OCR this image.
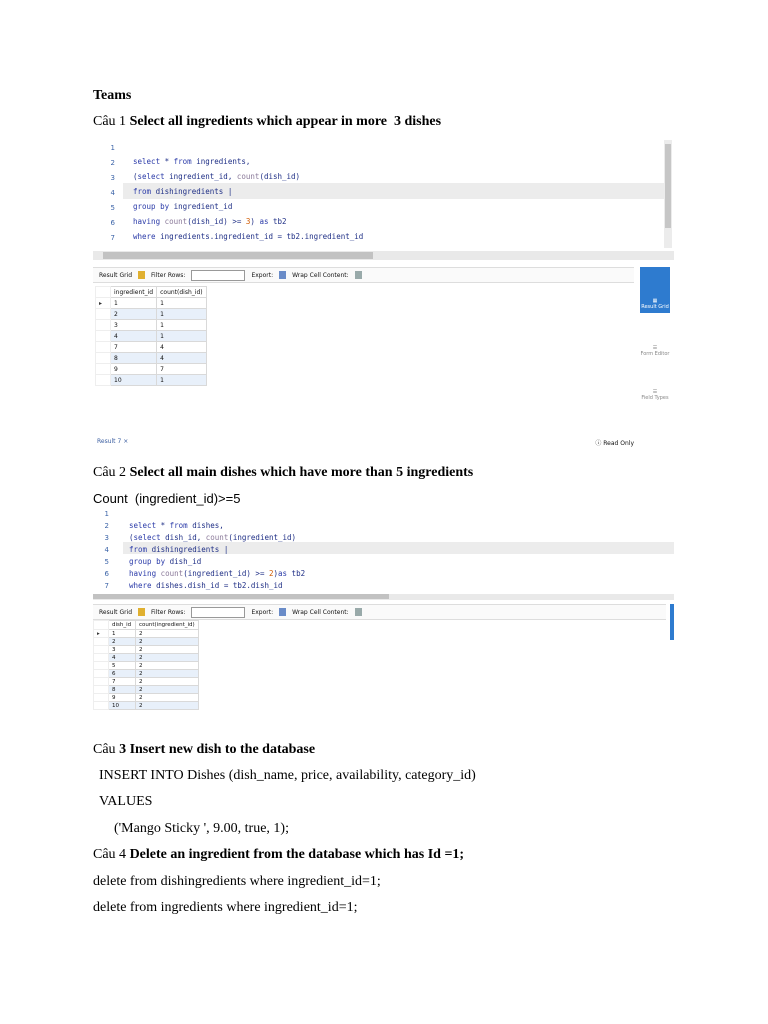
Teams
Câu 1 Select all ingredients which appear in more  3 dishes
1
2
3
4
5
6
7
select * from ingredients,
(select ingredient_id, count(dish_id)
from dishingredients |
group by ingredient_id
having count(dish_id) >= 3) as tb2
where ingredients.ingredient_id = tb2.ingredient_id
Result Grid	Filter Rows:	Export:	Wrap Cell Content:
	ingredient_id	count(dish_id)
▸	1	1
	2	1
	3	1
	4	1
	7	4
	8	4
	9	7
	10	1
▦
Result Grid
☰
Form Editor
☰
Field Types
Result 7 ×	ⓘ Read Only
Câu 2 Select all main dishes which have more than 5 ingredients
Count  (ingredient_id)>=5
1
2
3
4
5
6
7
select * from dishes,
(select dish_id, count(ingredient_id)
from dishingredients |
group by dish_id
having count(ingredient_id) >= 2)as tb2
where dishes.dish_id = tb2.dish_id
Result Grid	Filter Rows:	Export:	Wrap Cell Content:
	dish_id	count(ingredient_id)
▸	1	2
	2	2
	3	2
	4	2
	5	2
	6	2
	7	2
	8	2
	9	2
	10	2
Câu 3 Insert new dish to the database
INSERT INTO Dishes (dish_name, price, availability, category_id)
VALUES
('Mango Sticky ', 9.00, true, 1);
Câu 4 Delete an ingredient from the database which has Id =1;
delete from dishingredients where ingredient_id=1;
delete from ingredients where ingredient_id=1;
